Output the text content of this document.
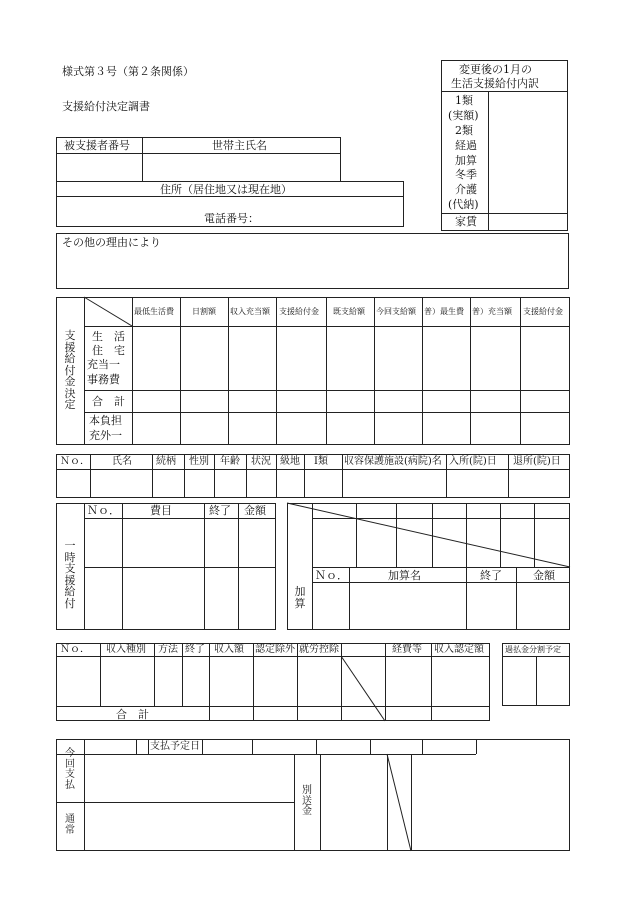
様式第３号（第２条関係）
支援給付決定調書
被支援者番号	世帯主氏名
住所（居住地又は現在地）
電話番号：
変更後の1月の
生活支援給付内訳
1類
(実額)
2類
経過
加算
冬季
介護
(代納)
家賃
その他の理由により
最低生活費 日割額 収入充当額 支援給付金 既支給額 今回支給額 普）最生費 普）充当額 支援給付金
支援給付金決定
生　活
住　宅
充当一
事務費
合　計
本負担
充外一
Ｎｏ． 氏名 続柄 性別 年齢 状況 級地 Ⅰ類 収容保護施設(病院)名 入所(院)日 退所(院)日
一時支援給付
Ｎｏ．	費目	終了 金額
加算
Ｎｏ．	加算名	終了	金額
Ｎｏ． 収入種別 方法 終了 収入額 認定除外 就労控除	経費等 収入認定額
合　計
過払金分割予定
支払予定日
今回支払
通常
別送金
